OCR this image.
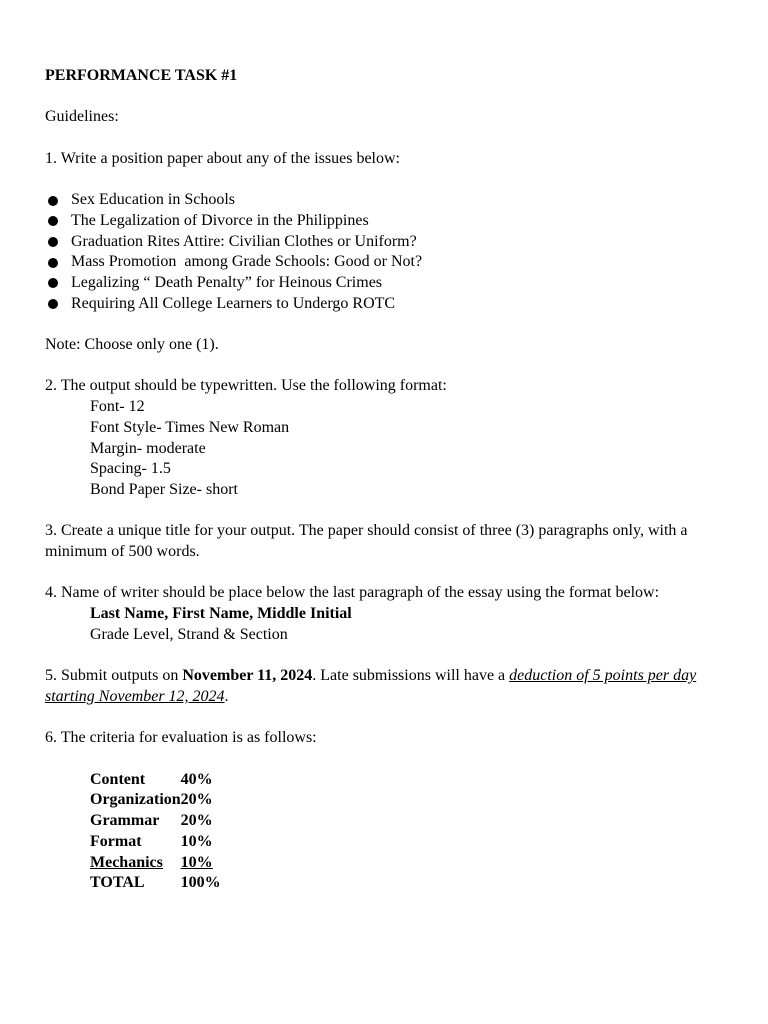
PERFORMANCE TASK #1

Guidelines:

1. Write a position paper about any of the issues below:

Sex Education in Schools
The Legalization of Divorce in the Philippines
Graduation Rites Attire: Civilian Clothes or Uniform?
Mass Promotion  among Grade Schools: Good or Not?
Legalizing “ Death Penalty” for Heinous Crimes
Requiring All College Learners to Undergo ROTC

Note: Choose only one (1).

2. The output should be typewritten. Use the following format:

Font- 12

Font Style- Times New Roman

Margin- moderate

Spacing- 1.5

Bond Paper Size- short

3. Create a unique title for your output. The paper should consist of three (3) paragraphs only, with a minimum of 500 words.

4. Name of writer should be place below the last paragraph of the essay using the format below:

Last Name, First Name, Middle Initial

Grade Level, Strand & Section

5. Submit outputs on November 11, 2024. Late submissions will have a deduction of 5 points per day starting November 12, 2024.

6. The criteria for evaluation is as follows:

Content	40%
Organization	20%
Grammar	20%
Format	10%
Mechanics	10%
TOTAL	100%
